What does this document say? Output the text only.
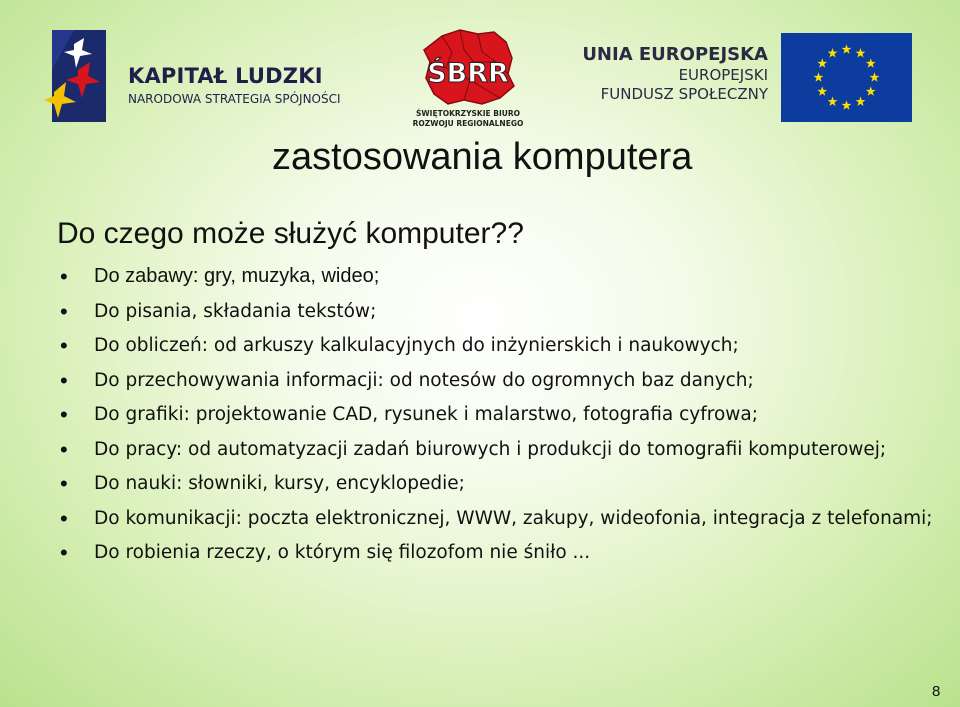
KAPITAŁ LUDZKI
NARODOWA STRATEGIA SPÓJNOŚCI
ŚBRR
ŚWIĘTOKRZYSKIE BIURO
ROZWOJU REGIONALNEGO
UNIA EUROPEJSKA
EUROPEJSKI
FUNDUSZ SPOŁECZNY
zastosowania komputera
Do czego może służyć komputer??
• Do zabawy: gry, muzyka, wideo;
• Do pisania, składania tekstów;
• Do obliczeń: od arkuszy kalkulacyjnych do inżynierskich i naukowych;
• Do przechowywania informacji: od notesów do ogromnych baz danych;
• Do grafiki: projektowanie CAD, rysunek i malarstwo, fotografia cyfrowa;
• Do pracy: od automatyzacji zadań biurowych i produkcji do tomografii komputerowej;
• Do nauki: słowniki, kursy, encyklopedie;
• Do komunikacji: poczta elektronicznej, WWW, zakupy, wideofonia, integracja z telefonami;
• Do robienia rzeczy, o którym się filozofom nie śniło ...
8
